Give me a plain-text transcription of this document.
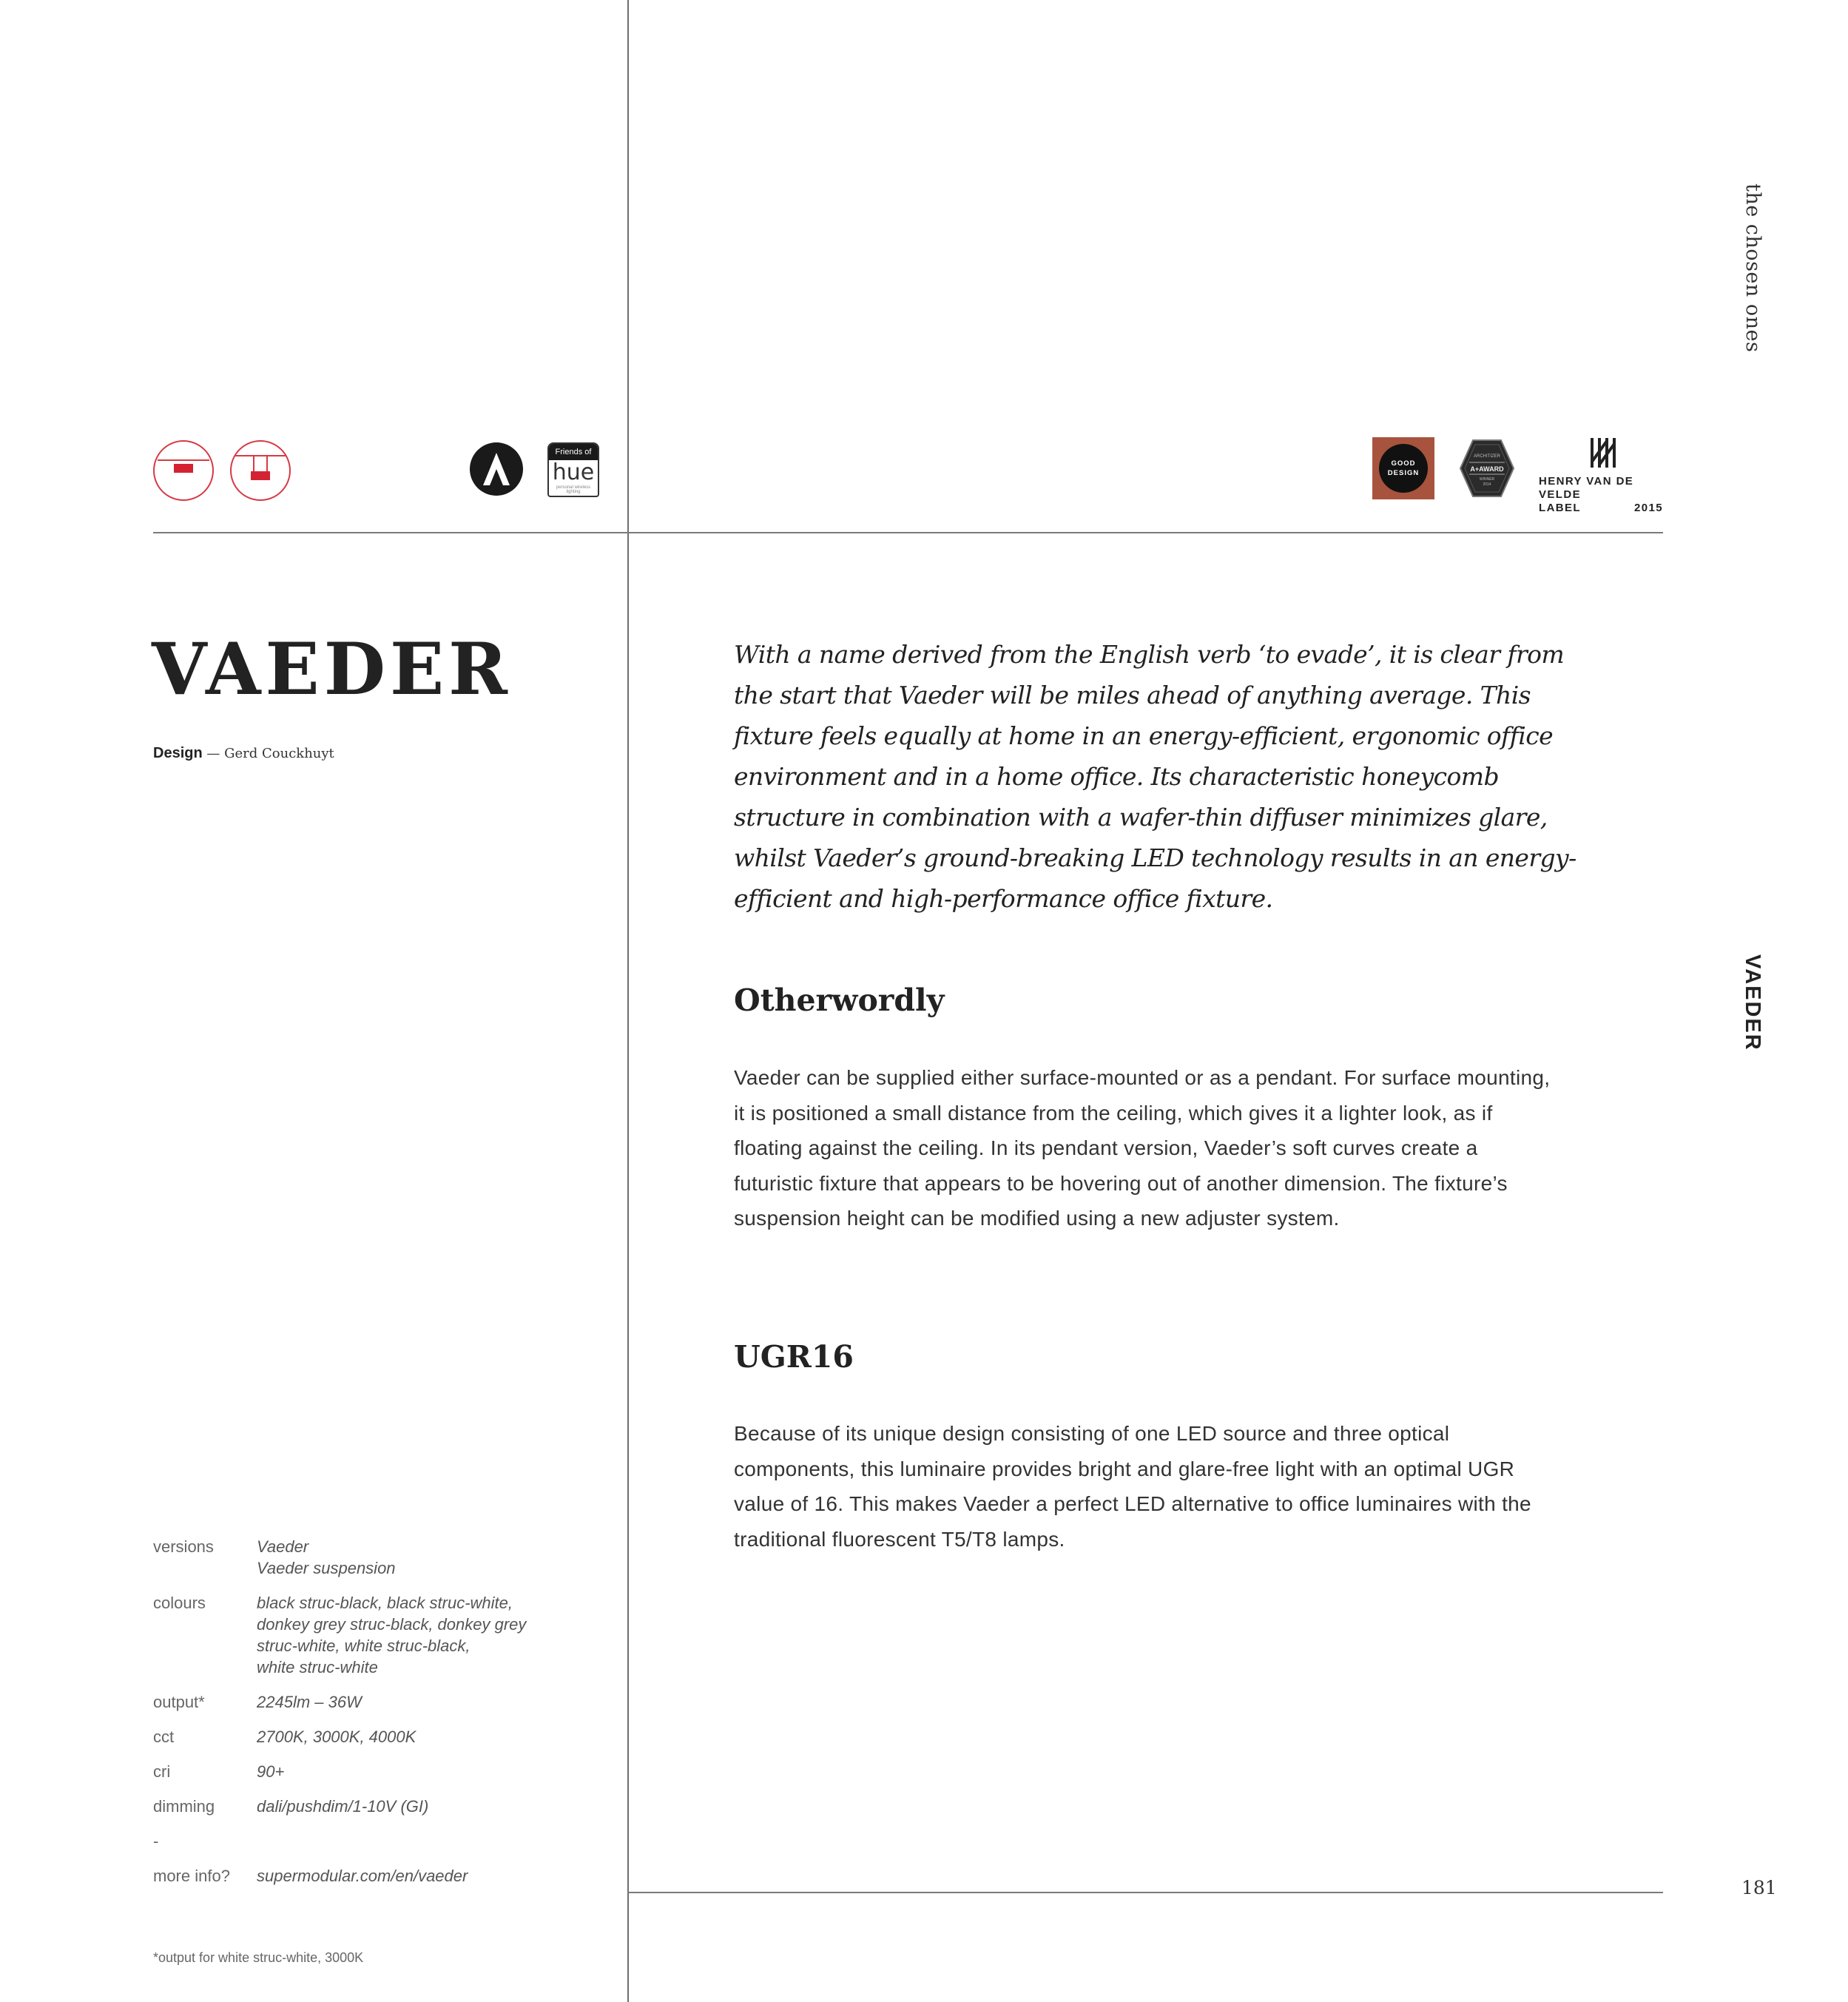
the chosen ones
VAEDER
181
Friends of
hue
personal wireless lighting
GOOD
DESIGN
ARCHITIZER
A+AWARD
WINNER
2014	HENRY VAN DE VELDE
LABEL	2015
VAEDER
Design — Gerd Couckhuyt
With a name derived from the English verb ‘to evade’, it is clear from the start that Vaeder will be miles ahead of anything average. This fixture feels equally at home in an energy-efficient, ergonomic office environment and in a home office. Its characteristic honeycomb structure in combination with a wafer-thin diffuser minimizes glare, whilst Vaeder’s ground-breaking LED technology results in an energy-efficient and high-performance office fixture.
Otherwordly
Vaeder can be supplied either surface-mounted or as a pendant. For surface mounting, it is positioned a small distance from the ceiling, which gives it a lighter look, as if floating against the ceiling. In its pendant version, Vaeder’s soft curves create a futuristic fixture that appears to be hovering out of another dimension. The fixture’s suspension height can be modified using a new adjuster system.
UGR16
Because of its unique design consisting of one LED source and three optical components, this luminaire provides bright and glare-free light with an optimal UGR value of 16. This makes Vaeder a perfect LED alternative to office luminaires with the traditional fluorescent T5/T8 lamps.
versions	Vaeder
Vaeder suspension
colours	black struc-black, black struc-white,
donkey grey struc-black, donkey grey
struc-white, white struc-black,
white struc-white
output*	2245lm – 36W
cct	2700K, 3000K, 4000K
cri	90+
dimming	dali/pushdim/1-10V (GI)
-
more info?	supermodular.com/en/vaeder
*output for white struc-white, 3000K
